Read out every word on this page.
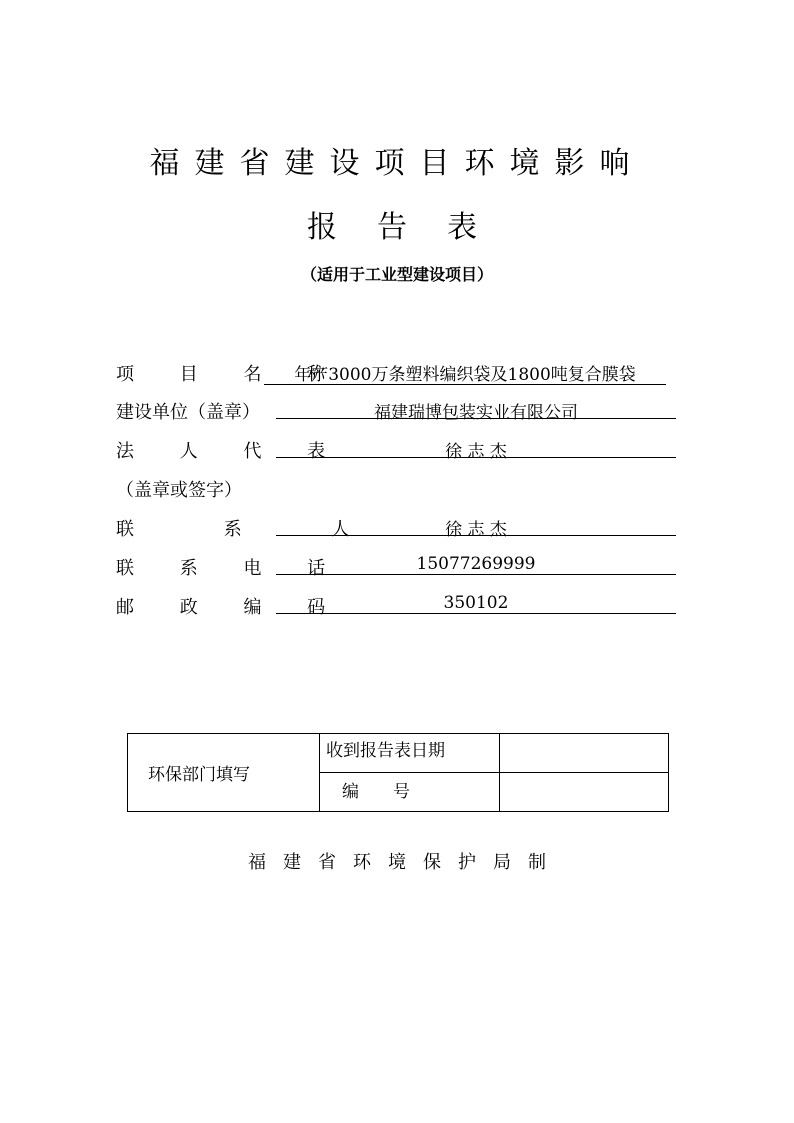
福建省建设项目环境影响
报告表
（适用于工业型建设项目）
项 目 名 称
年产3000万条塑料编织袋及1800吨复合膜袋
建设单位（盖章）	福建瑞博包装实业有限公司
法 人 代 表	徐 志 杰
（盖章或签字）
联 系 人	徐 志 杰
联 系 电 话	15077269999
邮 政 编 码	350102
环保部门填写	收到报告表日期	
	编　　号	
福建省环境保护局制
